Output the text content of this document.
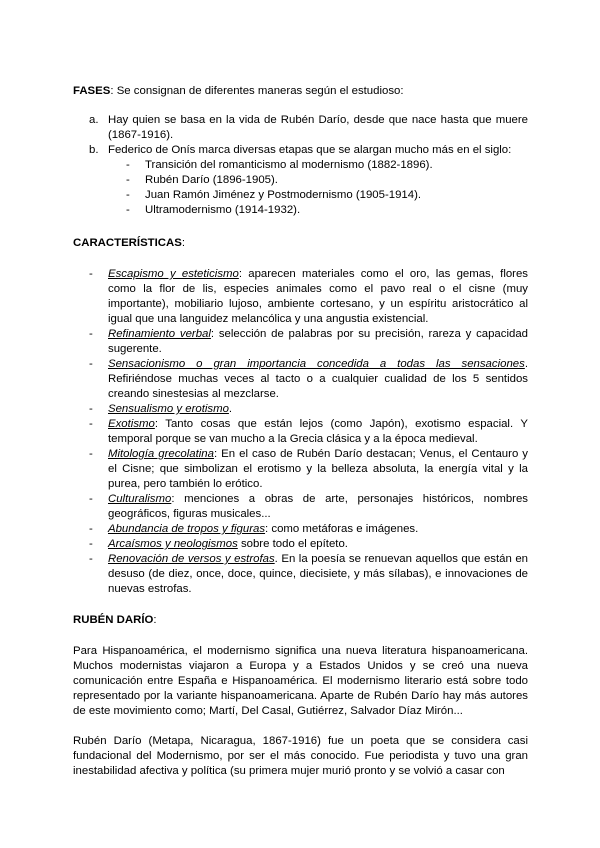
FASES: Se consignan de diferentes maneras según el estudioso:

a. Hay quien se basa en la vida de Rubén Darío, desde que nace hasta que muere (1867-1916).
b. Federico de Onís marca diversas etapas que se alargan mucho más en el siglo:
- Transición del romanticismo al modernismo (1882-1896).
- Rubén Darío (1896-1905).
- Juan Ramón Jiménez y Postmodernismo (1905-1914).
- Ultramodernismo (1914-1932).

CARACTERÍSTICAS:

- Escapismo y esteticismo: aparecen materiales como el oro, las gemas, flores como la flor de lis, especies animales como el pavo real o el cisne (muy importante), mobiliario lujoso, ambiente cortesano, y un espíritu aristocrático al igual que una languidez melancólica y una angustia existencial.
- Refinamiento verbal: selección de palabras por su precisión, rareza y capacidad sugerente.
- Sensacionismo o gran importancia concedida a todas las sensaciones. Refiriéndose muchas veces al tacto o a cualquier cualidad de los 5 sentidos creando sinestesias al mezclarse.
- Sensualismo y erotismo.
- Exotismo: Tanto cosas que están lejos (como Japón), exotismo espacial. Y temporal porque se van mucho a la Grecia clásica y a la época medieval.
- Mitología grecolatina: En el caso de Rubén Darío destacan; Venus, el Centauro y el Cisne; que simbolizan el erotismo y la belleza absoluta, la energía vital y la purea, pero también lo erótico.
- Culturalismo: menciones a obras de arte, personajes históricos, nombres geográficos, figuras musicales...
- Abundancia de tropos y figuras: como metáforas e imágenes.
- Arcaísmos y neologismos sobre todo el epíteto.
- Renovación de versos y estrofas. En la poesía se renuevan aquellos que están en desuso (de diez, once, doce, quince, diecisiete, y más sílabas), e innovaciones de nuevas estrofas.

RUBÉN DARÍO:

Para Hispanoamérica, el modernismo significa una nueva literatura hispanoamericana. Muchos modernistas viajaron a Europa y a Estados Unidos y se creó una nueva comunicación entre España e Hispanoamérica. El modernismo literario está sobre todo representado por la variante hispanoamericana. Aparte de Rubén Darío hay más autores de este movimiento como; Martí, Del Casal, Gutiérrez, Salvador Díaz Mirón...

Rubén Darío (Metapa, Nicaragua, 1867-1916) fue un poeta que se considera casi fundacional del Modernismo, por ser el más conocido. Fue periodista y tuvo una gran inestabilidad afectiva y política (su primera mujer murió pronto y se volvió a casar con
